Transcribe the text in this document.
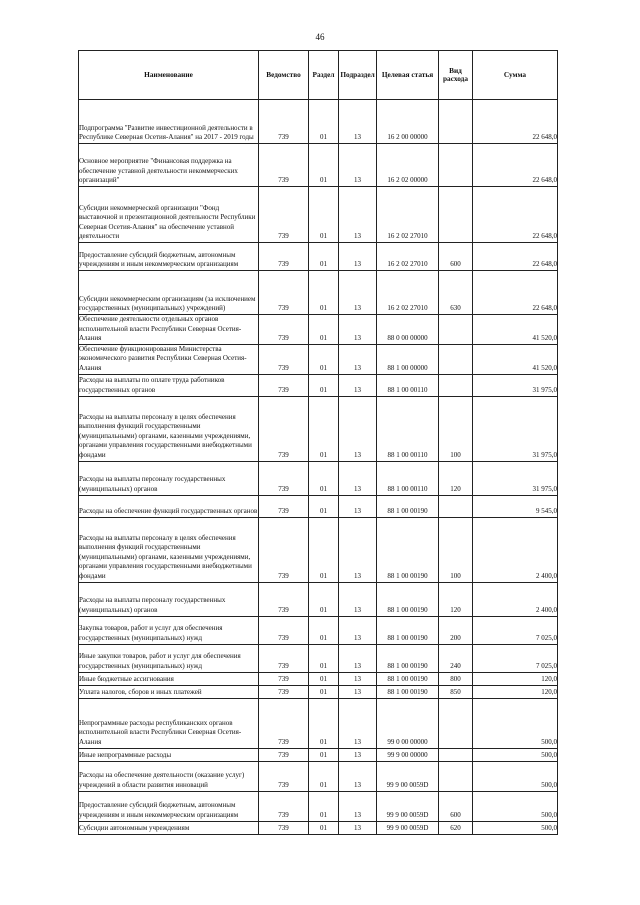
46
Наименование	Ведомство	Раздел	Подраздел	Целевая статья	Вид расхода	Сумма
Подпрограмма "Развитие инвестиционной деятельности в Республике Северная Осетия-Алания" на 2017 - 2019 годы	739	01	13	16 2 00 00000		22 648,0
Основное мероприятие "Финансовая поддержка на обеспечение уставной деятельности некоммерческих организаций"	739	01	13	16 2 02 00000		22 648,0
Субсидии некоммерческой организации "Фонд выставочной и презентационной деятельности Республики Северная Осетия-Алания" на обеспечение уставной деятельности	739	01	13	16 2 02 27010		22 648,0
Предоставление субсидий бюджетным, автономным учреждениям и иным некоммерческим организациям	739	01	13	16 2 02 27010	600	22 648,0
Субсидии некоммерческим организациям (за исключением государственных (муниципальных) учреждений)	739	01	13	16 2 02 27010	630	22 648,0
Обеспечение деятельности отдельных органов исполнительной власти Республики Северная Осетия-Алания	739	01	13	88 0 00 00000		41 520,0
Обеспечение функционирования Министерства экономического развития Республики Северная Осетия-Алания	739	01	13	88 1 00 00000		41 520,0
Расходы на выплаты по оплате труда работников государственных органов	739	01	13	88 1 00 00110		31 975,0
Расходы на выплаты персоналу в целях обеспечения выполнения функций государственными (муниципальными) органами, казенными учреждениями, органами управления государственными внебюджетными фондами	739	01	13	88 1 00 00110	100	31 975,0
Расходы на выплаты персоналу государственных (муниципальных) органов	739	01	13	88 1 00 00110	120	31 975,0
Расходы на обеспечение функций государственных органов	739	01	13	88 1 00 00190		9 545,0
Расходы на выплаты персоналу в целях обеспечения выполнения функций государственными (муниципальными) органами, казенными учреждениями, органами управления государственными внебюджетными фондами	739	01	13	88 1 00 00190	100	2 400,0
Расходы на выплаты персоналу государственных (муниципальных) органов	739	01	13	88 1 00 00190	120	2 400,0
Закупка товаров, работ и услуг для обеспечения государственных (муниципальных) нужд	739	01	13	88 1 00 00190	200	7 025,0
Иные закупки товаров, работ и услуг для обеспечения государственных (муниципальных) нужд	739	01	13	88 1 00 00190	240	7 025,0
Иные бюджетные ассигнования	739	01	13	88 1 00 00190	800	120,0
Уплата налогов, сборов и иных платежей	739	01	13	88 1 00 00190	850	120,0
Непрограммные расходы республиканских органов исполнительной власти Республики Северная Осетия-Алания	739	01	13	99 0 00 00000		500,0
Иные непрограммные расходы	739	01	13	99 9 00 00000		500,0
Расходы на обеспечение деятельности (оказание услуг) учреждений в области развития инноваций	739	01	13	99 9 00 0059D		500,0
Предоставление субсидий бюджетным, автономным учреждениям и иным некоммерческим организациям	739	01	13	99 9 00 0059D	600	500,0
Субсидии автономным учреждениям	739	01	13	99 9 00 0059D	620	500,0
